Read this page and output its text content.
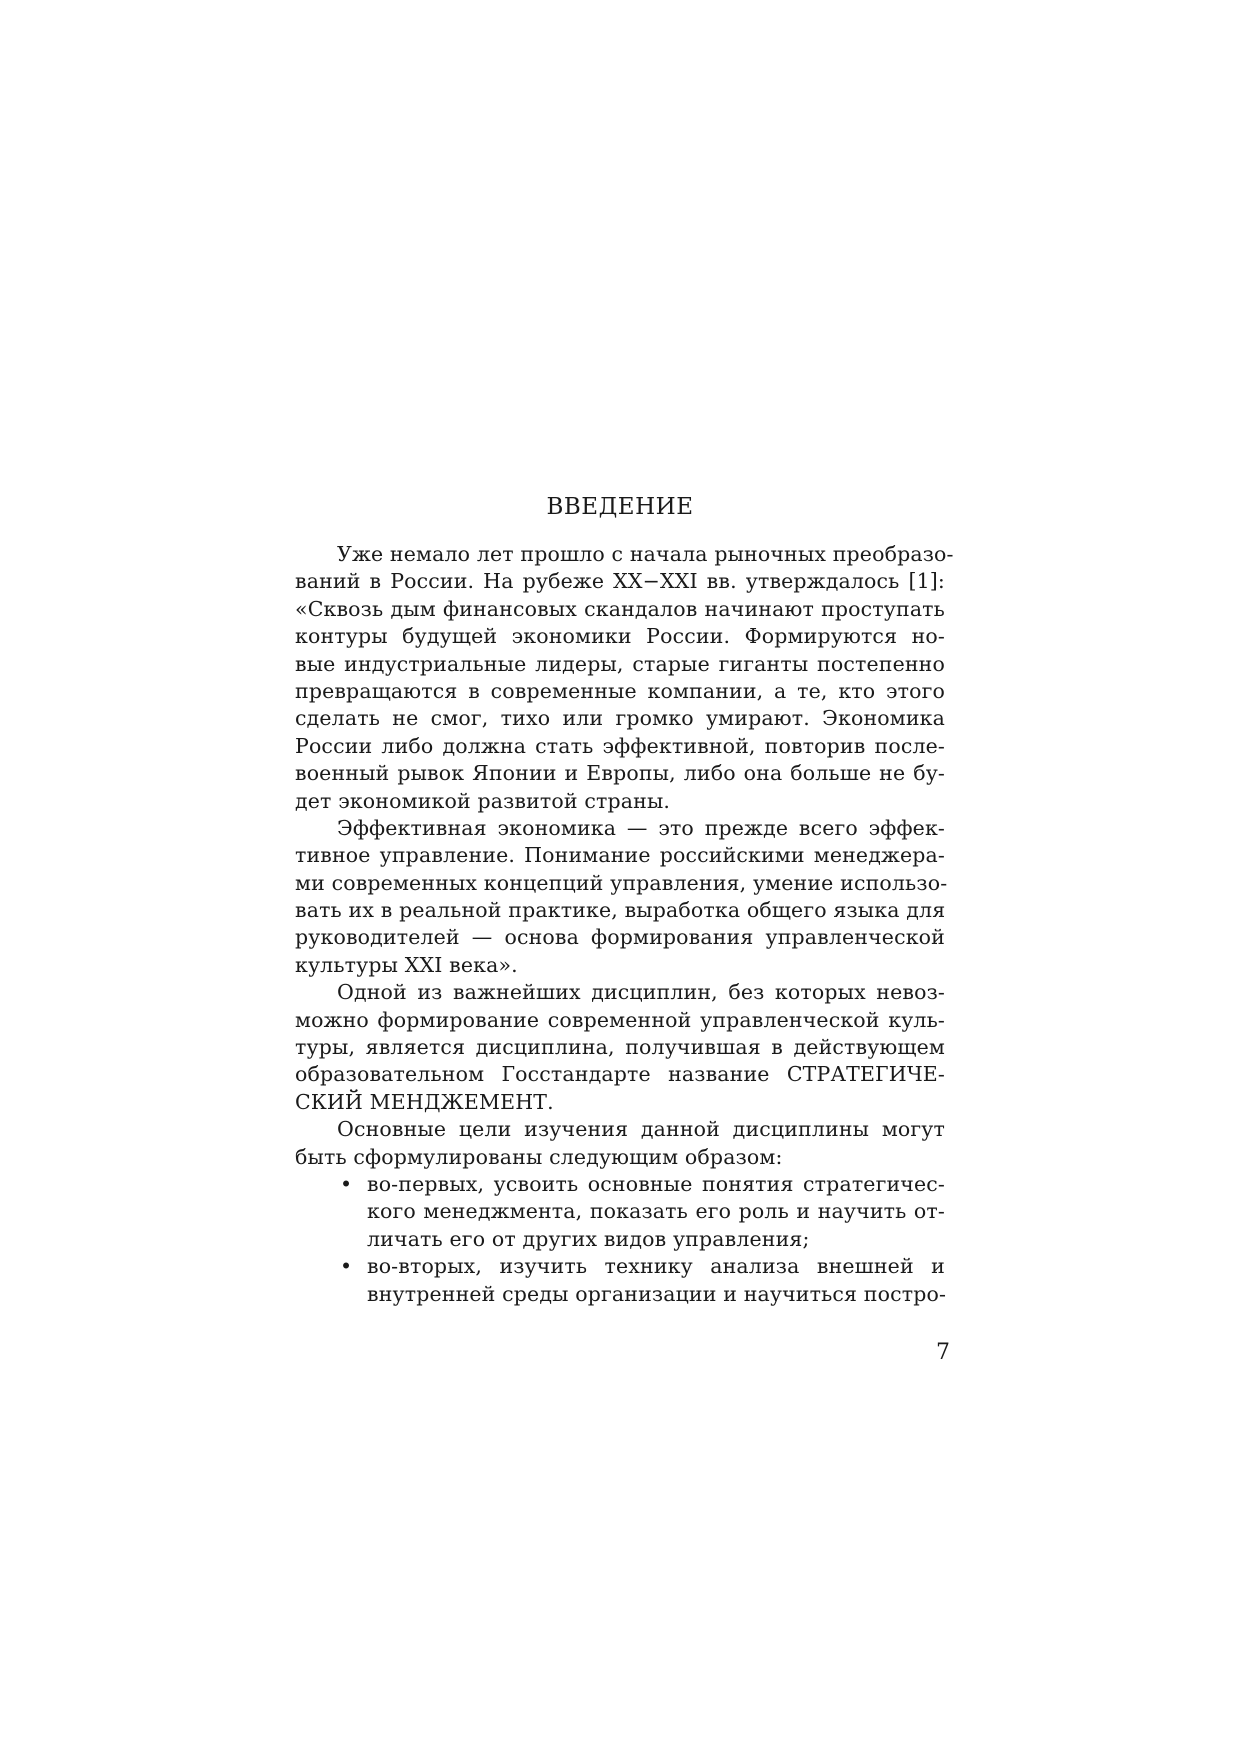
ВВЕДЕНИЕ
Уже немало лет прошло с начала рыночных преобразо-
ваний в России. На рубеже XX−XXI вв. утверждалось [1]:
«Сквозь дым финансовых скандалов начинают проступать
контуры будущей экономики России. Формируются но-
вые индустриальные лидеры, старые гиганты постепенно
превращаются в современные компании, а те, кто этого
сделать не смог, тихо или громко умирают. Экономика
России либо должна стать эффективной, повторив после-
военный рывок Японии и Европы, либо она больше не бу-
дет экономикой развитой страны.
Эффективная экономика — это прежде всего эффек-
тивное управление. Понимание российскими менеджера-
ми современных концепций управления, умение использо-
вать их в реальной практике, выработка общего языка для
руководителей — основа формирования управленческой
культуры XXI века».
Одной из важнейших дисциплин, без которых невоз-
можно формирование современной управленческой куль-
туры, является дисциплина, получившая в действующем
образовательном Госстандарте название СТРАТЕГИЧЕ-
СКИЙ МЕНДЖЕМЕНТ.
Основные цели изучения данной дисциплины могут
быть сформулированы следующим образом:
• во-первых, усвоить основные понятия стратегичес-
кого менеджмента, показать его роль и научить от-
личать его от других видов управления;
• во-вторых, изучить технику анализа внешней и
внутренней среды организации и научиться постро-
7
